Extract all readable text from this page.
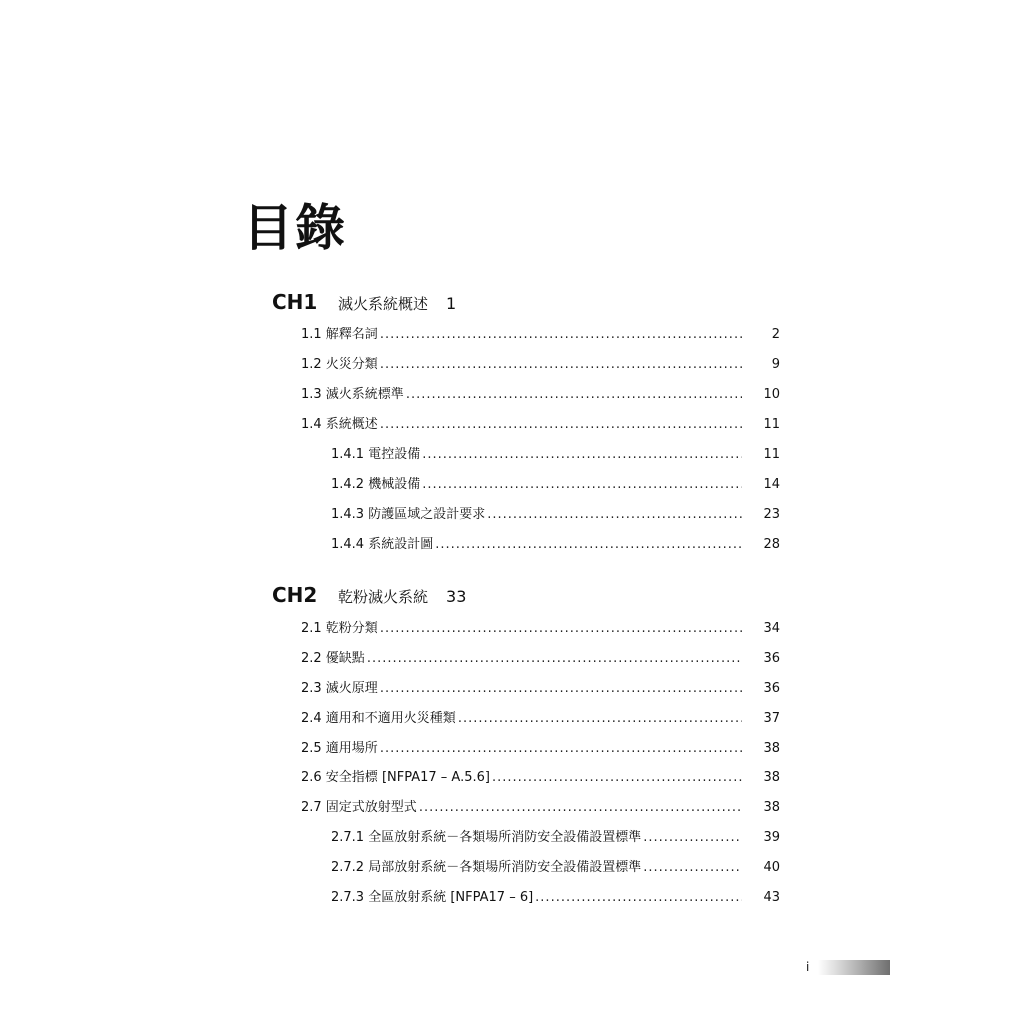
目錄
CH1	滅火系統概述 1
1.1 解釋名詞 .....	2
1.2 火災分類 .....	9
1.3 滅火系統標準 .....	10
1.4 系統概述 .....	11
1.4.1 電控設備 .....	11
1.4.2 機械設備 .....	14
1.4.3 防護區域之設計要求 .....	23
1.4.4 系統設計圖 .....	28
CH2	乾粉滅火系統 33
2.1 乾粉分類 .....	34
2.2 優缺點 .....	36
2.3 滅火原理 .....	36
2.4 適用和不適用火災種類 .....	37
2.5 適用場所 .....	38
2.6 安全指標 [NFPA17 – A.5.6] .....	38
2.7 固定式放射型式 .....	38
2.7.1 全區放射系統－各類場所消防安全設備設置標準 .....	39
2.7.2 局部放射系統－各類場所消防安全設備設置標準 .....	40
2.7.3 全區放射系統 [NFPA17 – 6] .....	43
i
